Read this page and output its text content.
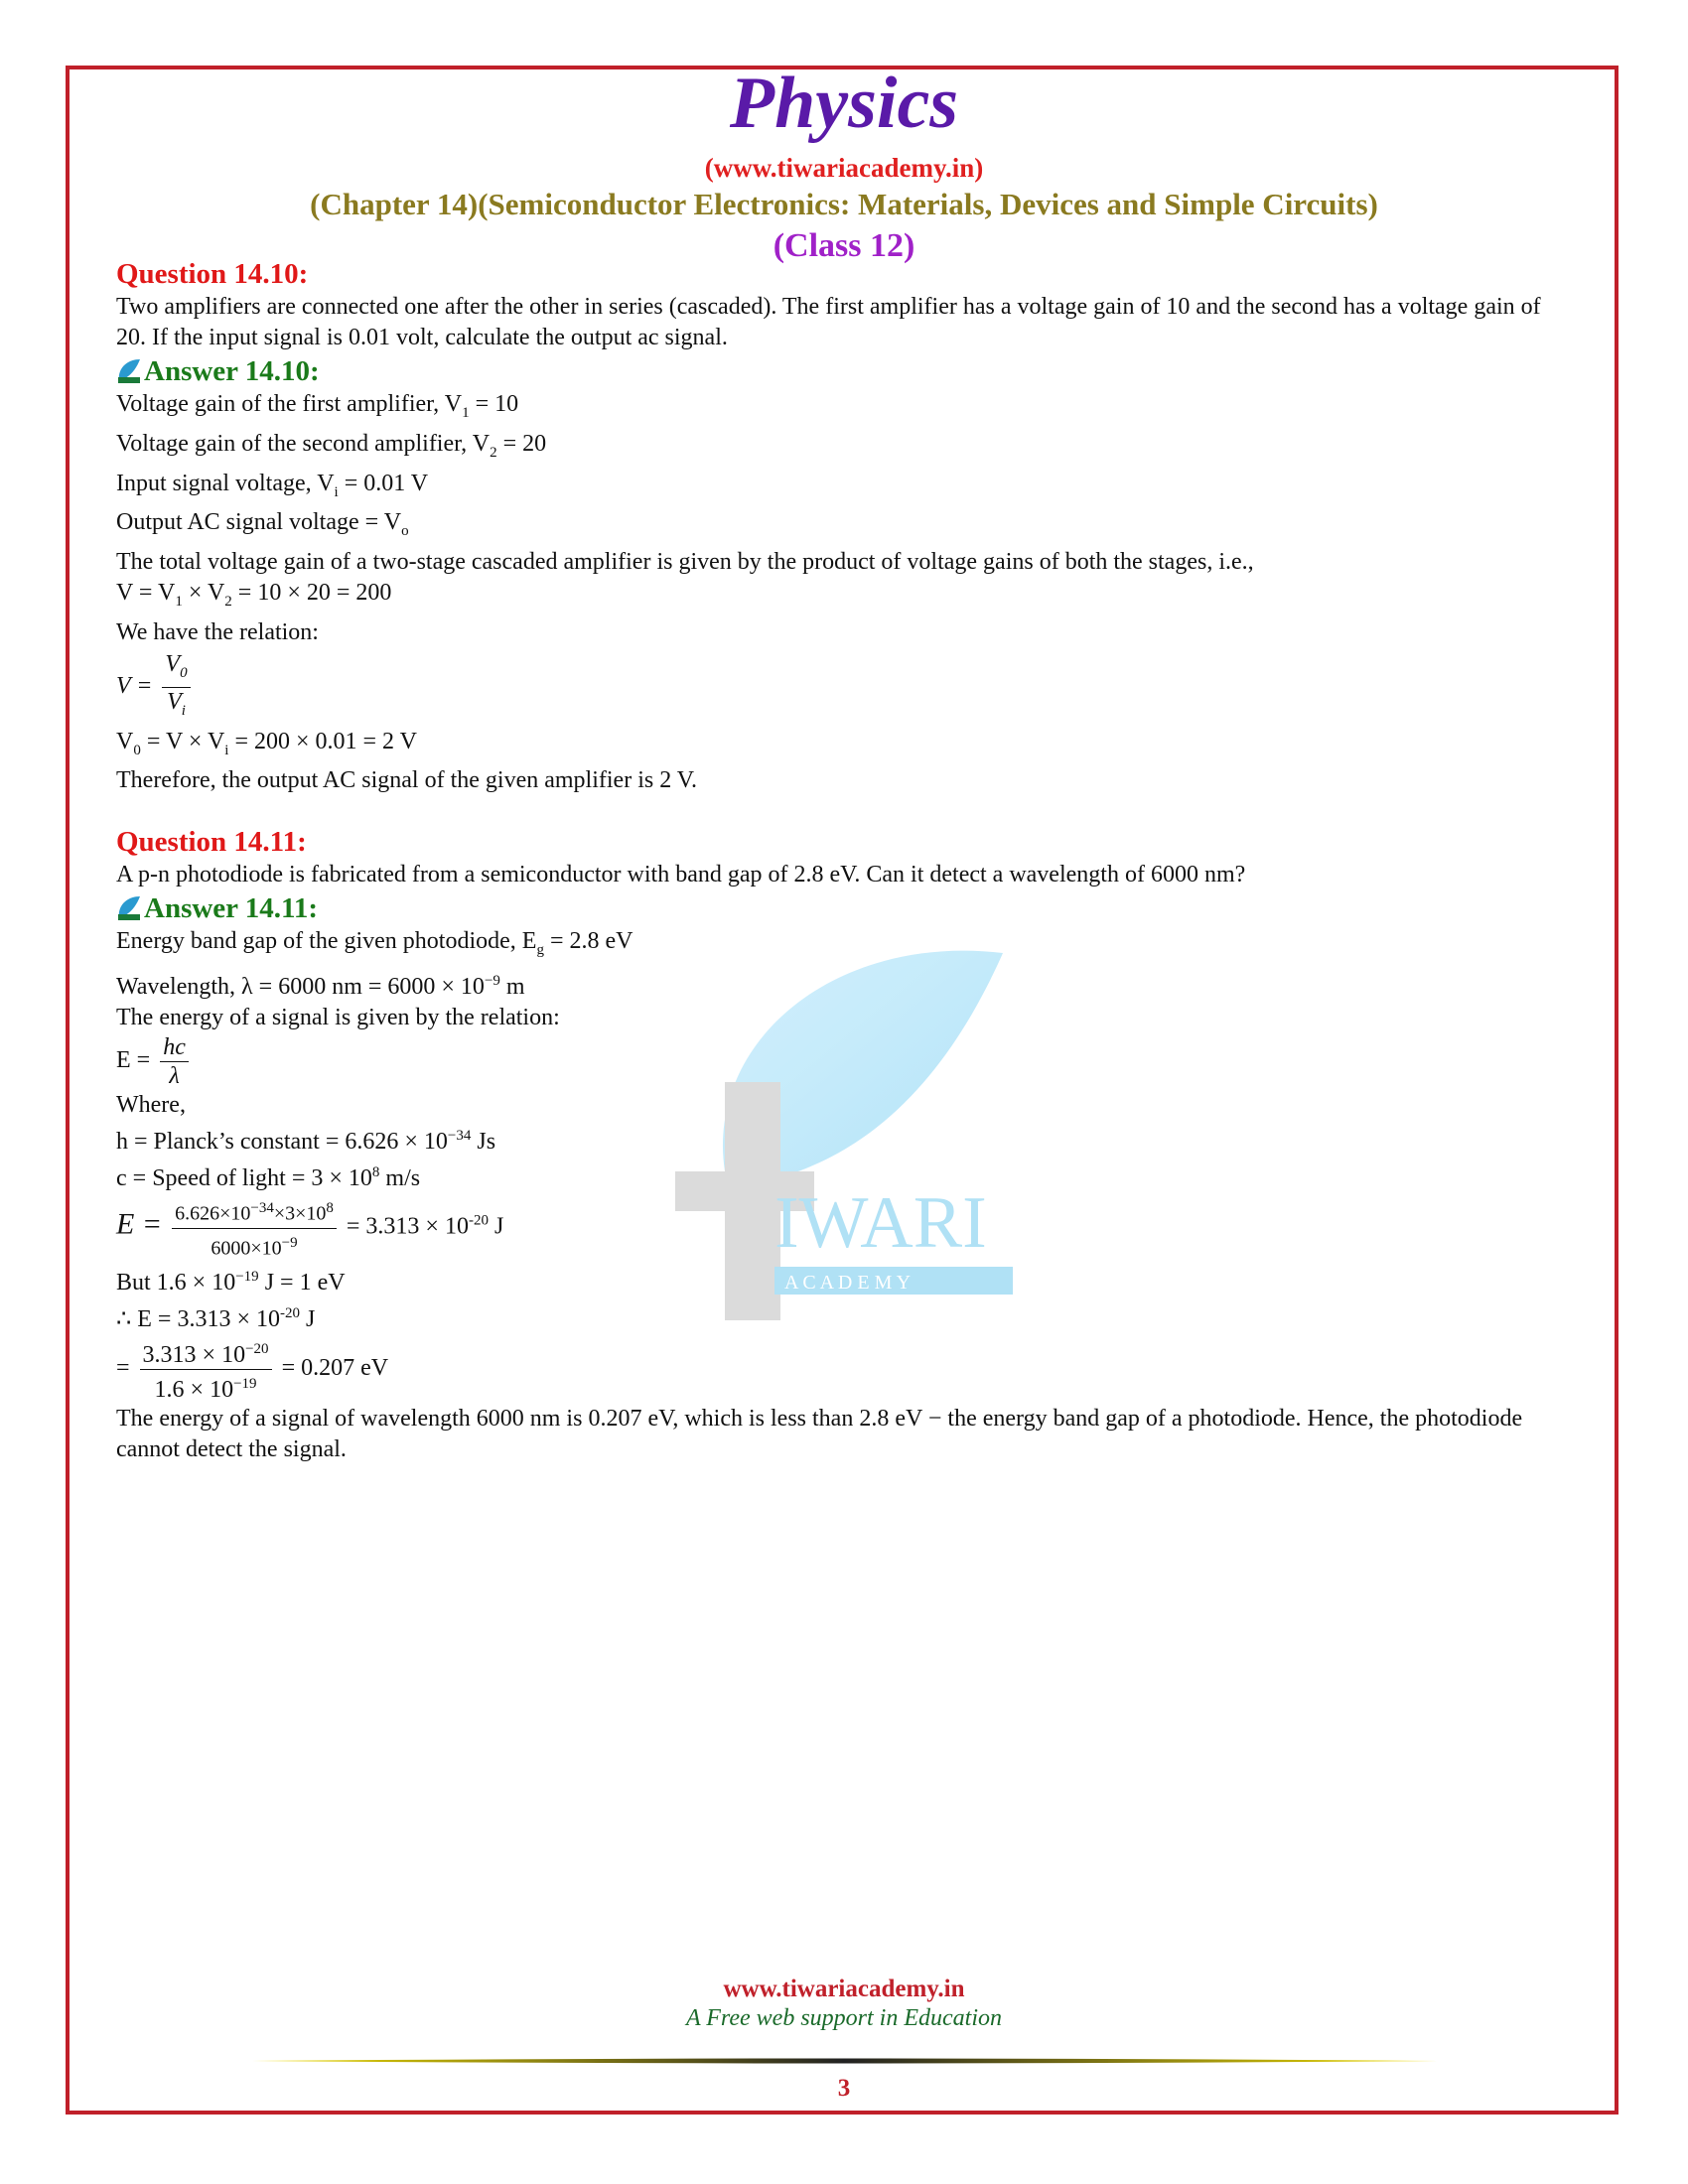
IWARI
A C A D E M Y
Physics
(www.tiwariacademy.in)
(Chapter 14)(Semiconductor Electronics: Materials, Devices and Simple Circuits)
(Class 12)
Question 14.10:

Two amplifiers are connected one after the other in series (cascaded). The first amplifier has a voltage gain of 10 and the second has a voltage gain of 20. If the input signal is 0.01 volt, calculate the output ac signal.

Answer 14.10:

Voltage gain of the first amplifier, $V_1 = 10$

Voltage gain of the second amplifier, $V_2 = 20$

Input signal voltage, $V_i = 0.01$ V

Output AC signal voltage = $V_o$

The total voltage gain of a two-stage cascaded amplifier is given by the product of voltage gains of both the stages, i.e.,

$V = V_1 \times V_2 = 10 \times 20 = 200$

We have the relation:

$V = \frac{V_0}{V_i}$

$V_0 = V \times V_i = 200 \times 0.01 = 2$ V

Therefore, the output AC signal of the given amplifier is 2 V.

Question 14.11:

A p-n photodiode is fabricated from a semiconductor with band gap of 2.8 eV. Can it detect a wavelength of 6000 nm?

Answer 14.11:

Energy band gap of the given photodiode, $E_g = 2.8$ eV

Wavelength, λ = 6000 nm = $6000 \times 10^{-9}$ m

The energy of a signal is given by the relation:

$E = \frac{hc}{\lambda}$

Where,

h = Planck’s constant = $6.626 \times 10^{-34}$ Js

c = Speed of light = $3 \times 10^8$ m/s

$E = \frac{6.626\times 10^{-34}\times 3\times 10^8}{6000\times 10^{-9}} = 3.313 \times 10^{-20}$ J

But $1.6 \times 10^{-19}$ J = 1 eV

∴ $E = 3.313 \times 10^{-20}$ J

= $\frac{3.313 \times 10^{-20}}{1.6 \times 10^{-19}} = 0.207$ eV

The energy of a signal of wavelength 6000 nm is 0.207 eV, which is less than 2.8 eV − the energy band gap of a photodiode. Hence, the photodiode cannot detect the signal.

www.tiwariacademy.in
A Free web support in Education
3
